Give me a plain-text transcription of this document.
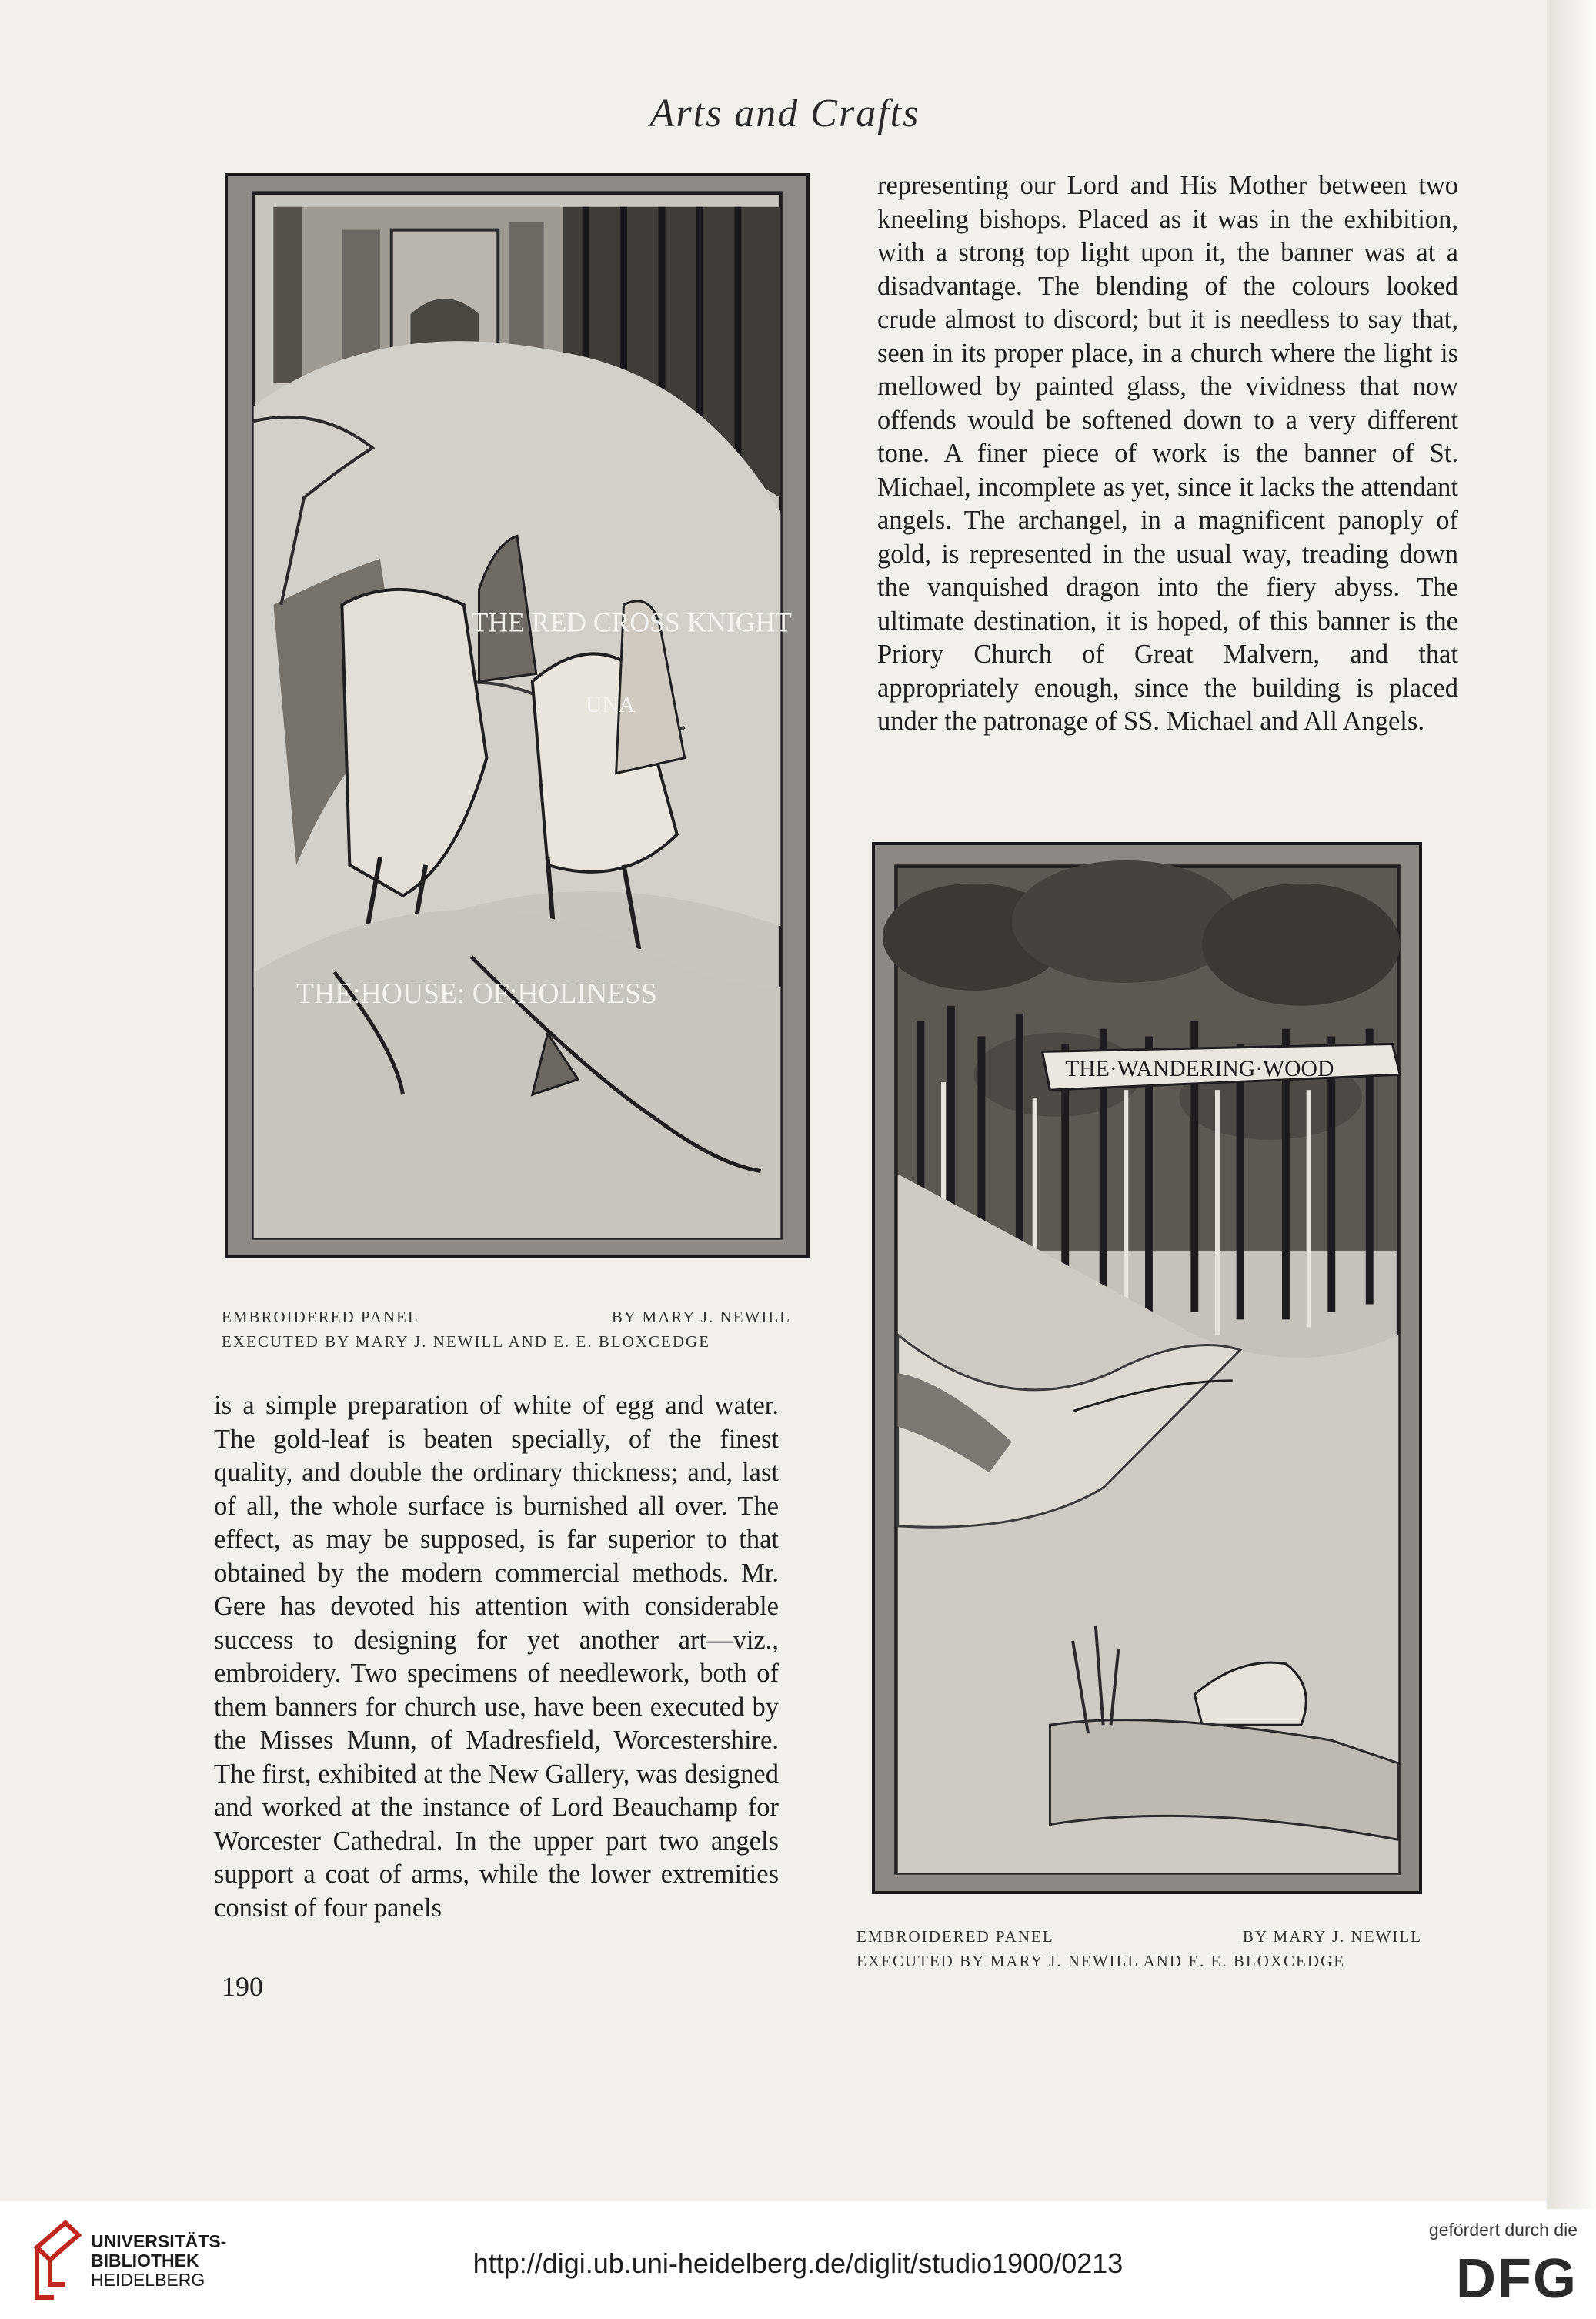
Arts and Crafts
THE RED CROSS KNIGHT
UNA
THE:HOUSE: OF:HOLINESS
EMBROIDERED PANEL	BY MARY J. NEWILL
EXECUTED BY MARY J. NEWILL AND E. E. BLOXCEDGE

representing our Lord and His Mother between two kneeling bishops. Placed as it was in the exhibition, with a strong top light upon it, the banner was at a disadvantage. The blending of the colours looked crude almost to discord; but it is needless to say that, seen in its proper place, in a church where the light is mellowed by painted glass, the vividness that now offends would be softened down to a very different tone. A finer piece of work is the banner of St. Michael, incomplete as yet, since it lacks the attendant angels. The archangel, in a magnificent panoply of gold, is represented in the usual way, treading down the vanquished dragon into the fiery abyss. The ultimate destination, it is hoped, of this banner is the Priory Church of Great Malvern, and that appropriately enough, since the building is placed under the patronage of SS. Michael and All Angels.

THE·WANDERING·WOOD
EMBROIDERED PANEL	BY MARY J. NEWILL
EXECUTED BY MARY J. NEWILL AND E. E. BLOXCEDGE

is a simple preparation of white of egg and water. The gold-leaf is beaten specially, of the finest quality, and double the ordinary thickness; and, last of all, the whole surface is burnished all over. The effect, as may be supposed, is far superior to that obtained by the modern commercial methods. Mr. Gere has devoted his attention with considerable success to designing for yet another art—viz., embroidery. Two specimens of needlework, both of them banners for church use, have been executed by the Misses Munn, of Madresfield, Worcestershire. The first, exhibited at the New Gallery, was designed and worked at the instance of Lord Beauchamp for Worcester Cathedral. In the upper part two angels support a coat of arms, while the lower extremities consist of four panels

190
UNIVERSITÄTS-
BIBLIOTHEK
HEIDELBERG
http://digi.ub.uni-heidelberg.de/diglit/studio1900/0213
gefördert durch die
DFG
